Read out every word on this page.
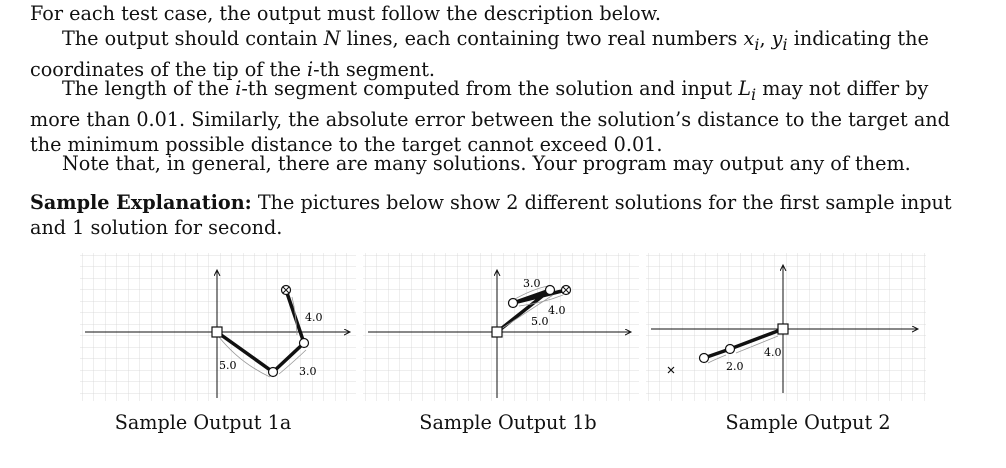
For each test case, the output must follow the description below.

The output should contain N lines, each containing two real numbers $x_i$, $y_i$ indicating the coordinates of the tip of the i-th segment.

The length of the i-th segment computed from the solution and input $L_i$ may not differ by more than 0.01. Similarly, the absolute error between the solution’s distance to the target and the minimum possible distance to the target cannot exceed 0.01.

Note that, in general, there are many solutions. Your program may output any of them.

Sample Explanation: The pictures below show 2 different solutions for the first sample input and 1 solution for second.

4.0
5.0	3.0
Sample Output 1a
3.0
4.0
5.0
Sample Output 1b
4.0
2.0
Sample Output 2
